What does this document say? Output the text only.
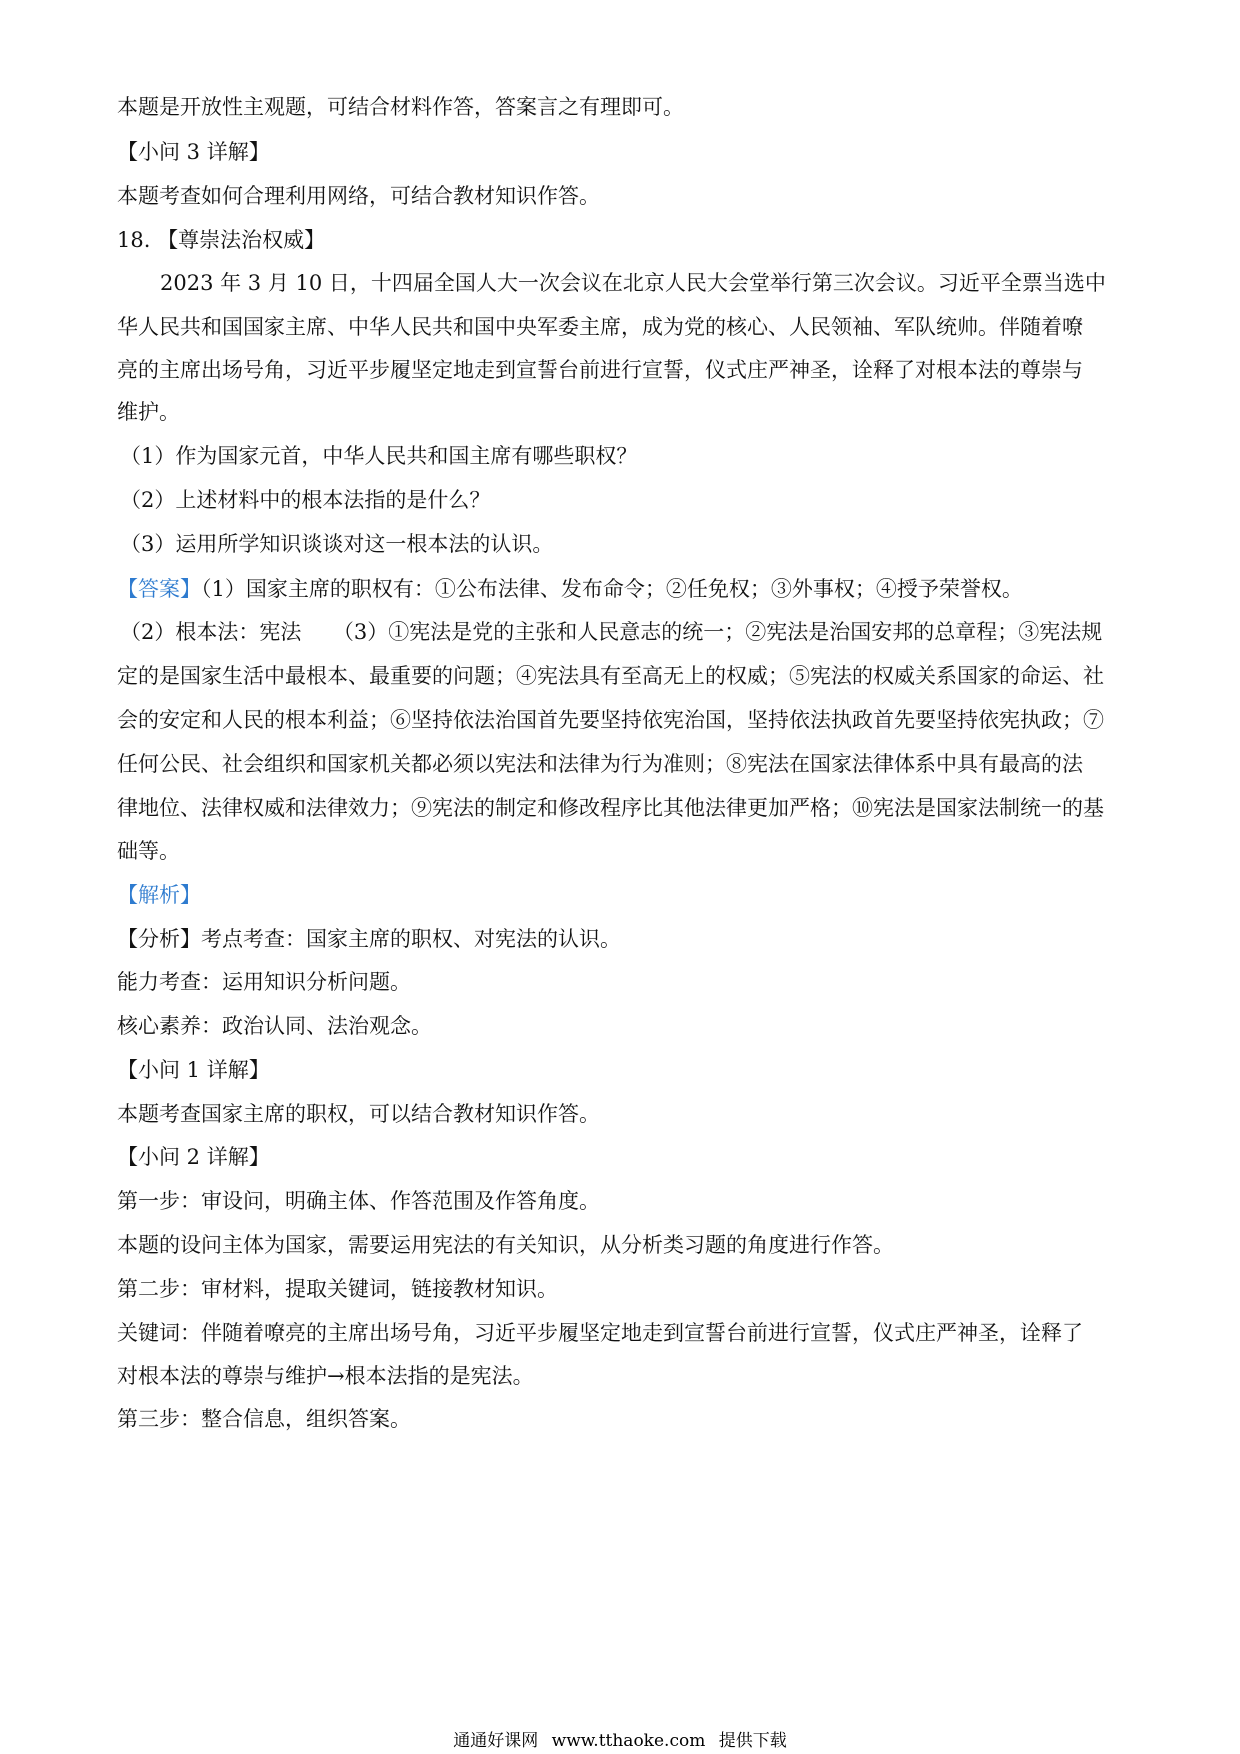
本题是开放性主观题，可结合材料作答，答案言之有理即可。
【小问 3 详解】
本题考查如何合理利用网络，可结合教材知识作答。
18. 【尊崇法治权威】
2023 年 3 月 10 日，十四届全国人大一次会议在北京人民大会堂举行第三次会议。习近平全票当选中
华人民共和国国家主席、中华人民共和国中央军委主席，成为党的核心、人民领袖、军队统帅。伴随着嘹
亮的主席出场号角，习近平步履坚定地走到宣誓台前进行宣誓，仪式庄严神圣，诠释了对根本法的尊崇与
维护。
（1）作为国家元首，中华人民共和国主席有哪些职权？
（2）上述材料中的根本法指的是什么？
（3）运用所学知识谈谈对这一根本法的认识。
【答案】（1）国家主席的职权有：①公布法律、发布命令；②任免权；③外事权；④授予荣誉权。
（2）根本法：宪法　　（3）①宪法是党的主张和人民意志的统一；②宪法是治国安邦的总章程；③宪法规
定的是国家生活中最根本、最重要的问题；④宪法具有至高无上的权威；⑤宪法的权威关系国家的命运、社
会的安定和人民的根本利益；⑥坚持依法治国首先要坚持依宪治国，坚持依法执政首先要坚持依宪执政；⑦
任何公民、社会组织和国家机关都必须以宪法和法律为行为准则；⑧宪法在国家法律体系中具有最高的法
律地位、法律权威和法律效力；⑨宪法的制定和修改程序比其他法律更加严格；⑩宪法是国家法制统一的基
础等。
【解析】
【分析】考点考查：国家主席的职权、对宪法的认识。
能力考查：运用知识分析问题。
核心素养：政治认同、法治观念。
【小问 1 详解】
本题考查国家主席的职权，可以结合教材知识作答。
【小问 2 详解】
第一步：审设问，明确主体、作答范围及作答角度。
本题的设问主体为国家，需要运用宪法的有关知识，从分析类习题的角度进行作答。
第二步：审材料，提取关键词，链接教材知识。
关键词：伴随着嘹亮的主席出场号角，习近平步履坚定地走到宣誓台前进行宣誓，仪式庄严神圣，诠释了
对根本法的尊崇与维护→根本法指的是宪法。
第三步：整合信息，组织答案。
通通好课网 www.tthaoke.com 提供下载
